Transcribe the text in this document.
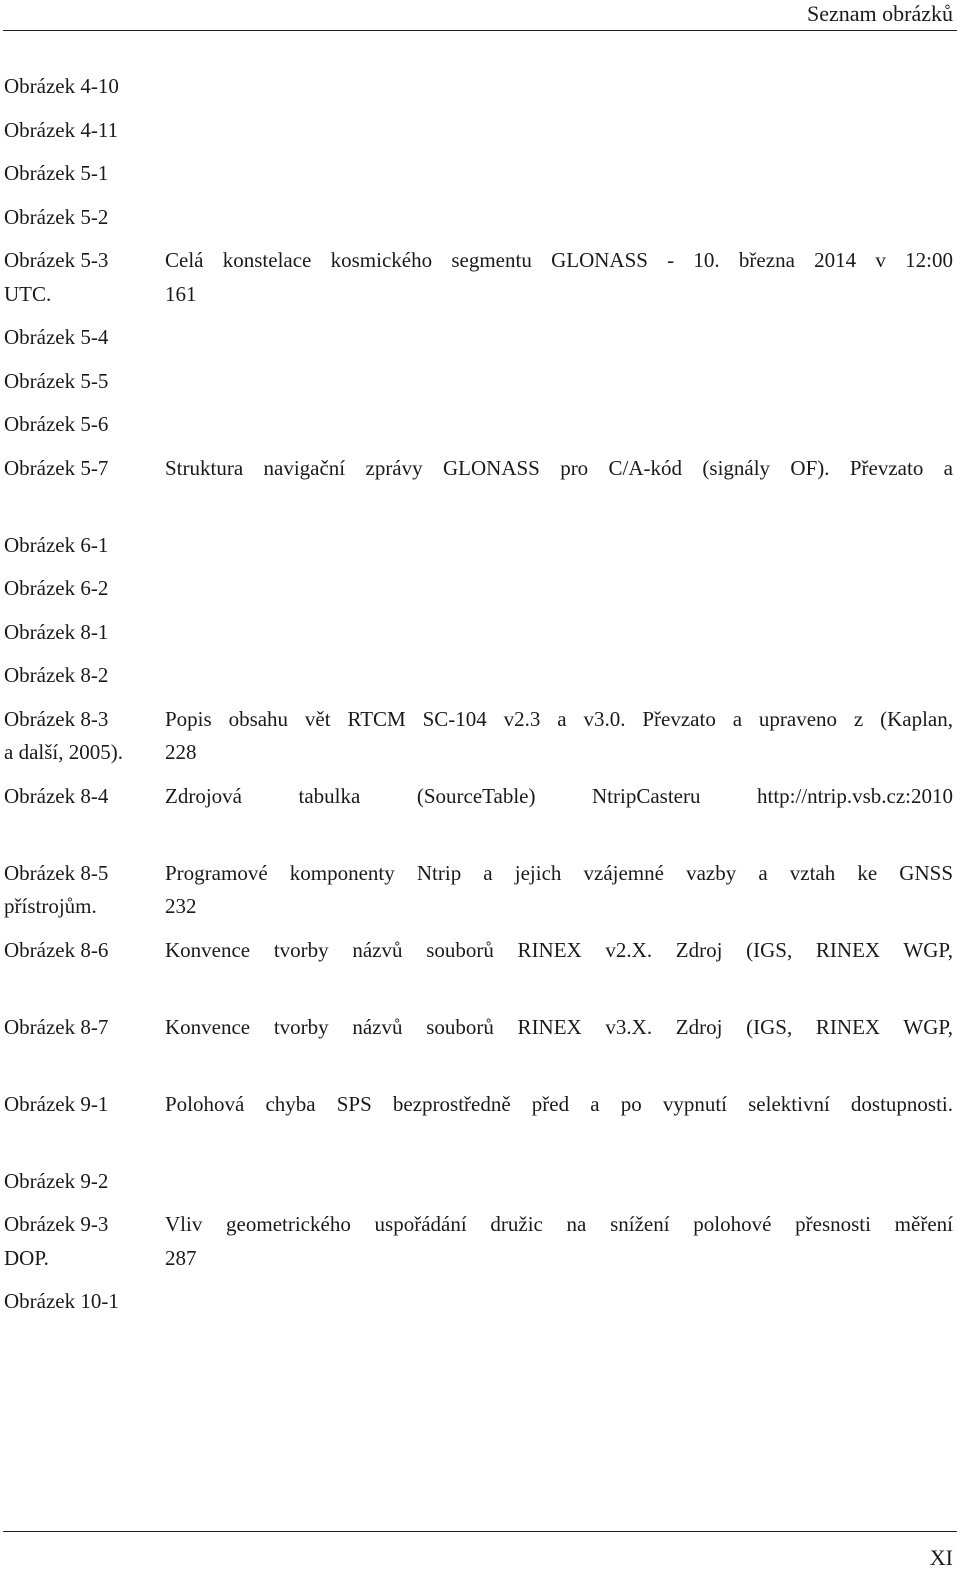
Seznam obrázků
Obrázek 4-10
Obrázek 4-11
Obrázek 5-1
Obrázek 5-2
Obrázek 5-3	Celá konstelace kosmického segmentu GLONASS - 10. března 2014 v 12:00
UTC.	161
Obrázek 5-4
Obrázek 5-5
Obrázek 5-6
Obrázek 5-7	Struktura navigační zprávy GLONASS pro C/A-kód (signály OF). Převzato a
Obrázek 6-1
Obrázek 6-2
Obrázek 8-1
Obrázek 8-2
Obrázek 8-3	Popis obsahu vět RTCM SC-104 v2.3 a v3.0. Převzato a upraveno z (Kaplan,
a další, 2005). 228
Obrázek 8-4	Zdrojová tabulka (SourceTable) NtripCasteru http://ntrip.vsb.cz:2010
Obrázek 8-5	Programové komponenty Ntrip a jejich vzájemné vazby a vztah ke GNSS
přístrojům.	232
Obrázek 8-6	Konvence tvorby názvů souborů RINEX v2.X. Zdroj (IGS, RINEX WGP,
Obrázek 8-7	Konvence tvorby názvů souborů RINEX v3.X. Zdroj (IGS, RINEX WGP,
Obrázek 9-1	Polohová chyba SPS bezprostředně před a po vypnutí selektivní dostupnosti.
Obrázek 9-2
Obrázek 9-3	Vliv geometrického uspořádání družic na snížení polohové přesnosti měření
DOP.	287
Obrázek 10-1
XI
